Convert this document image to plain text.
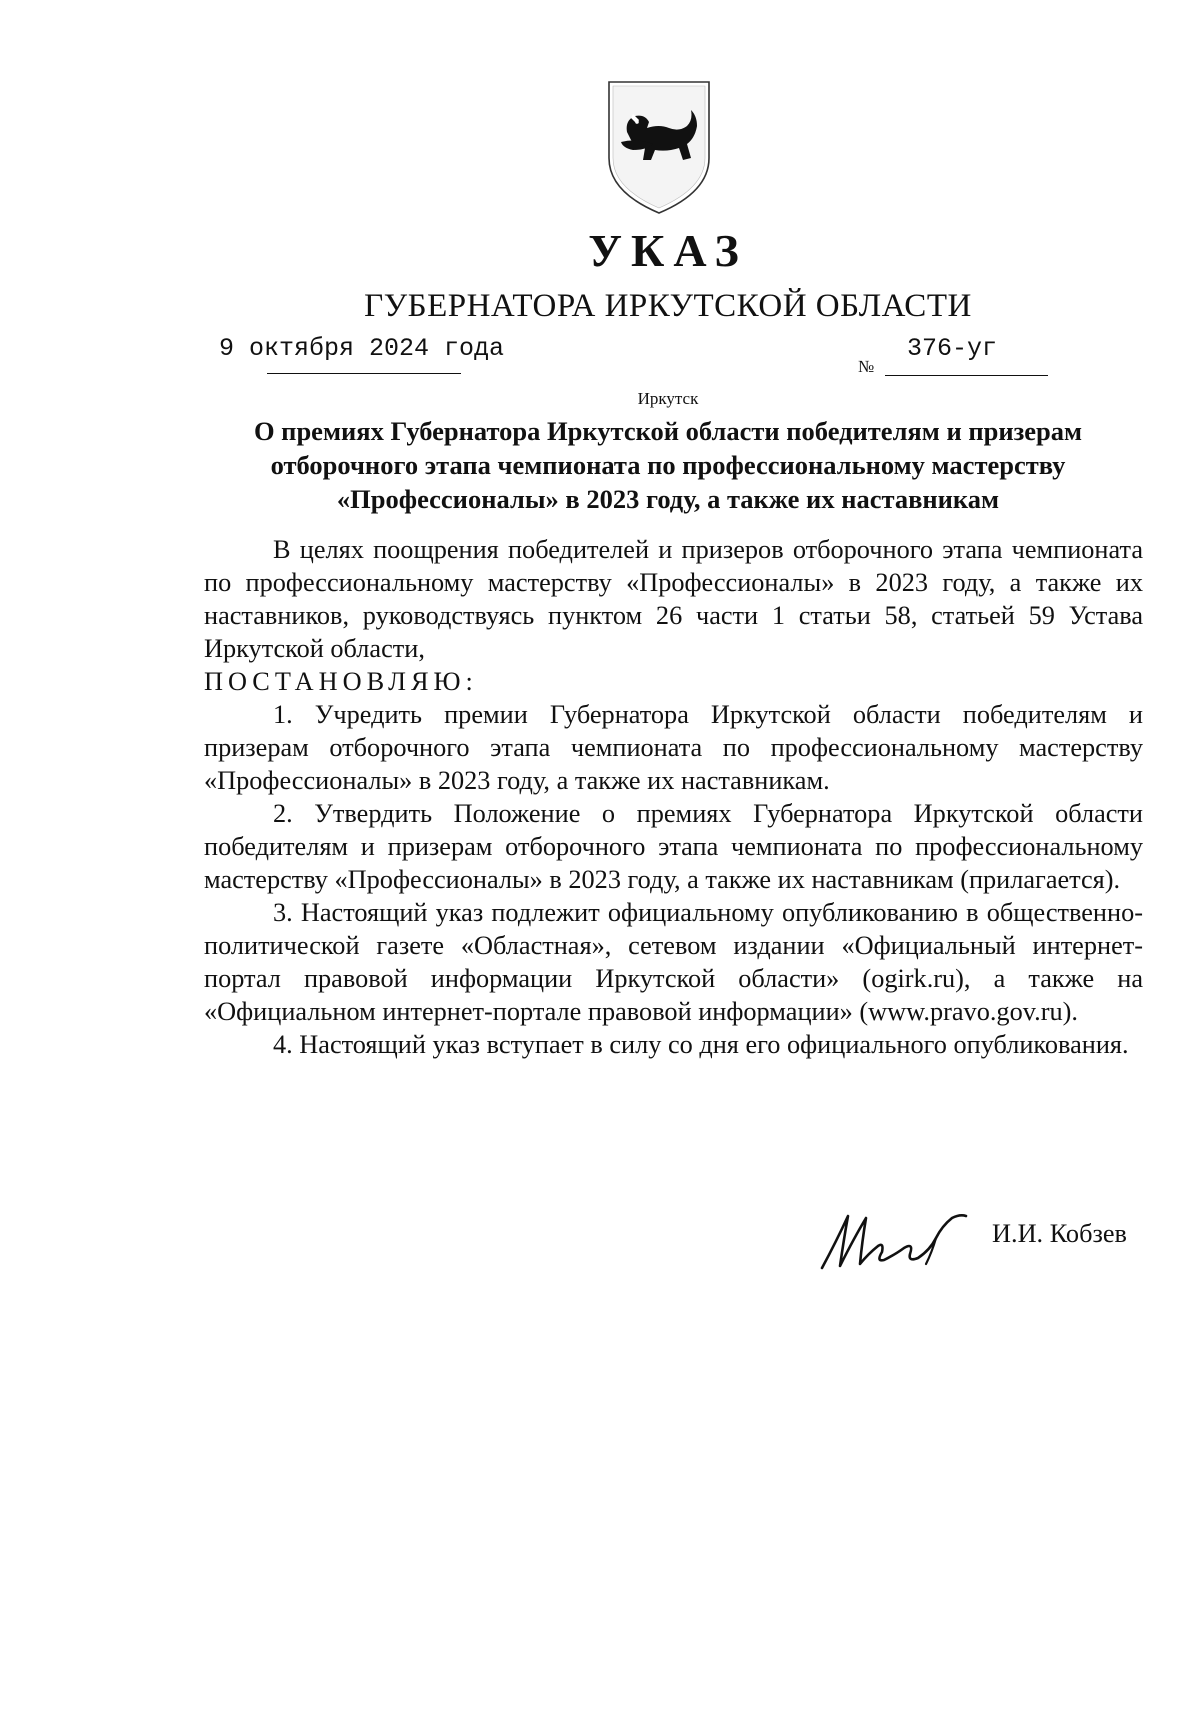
УКАЗ
ГУБЕРНАТОРА ИРКУТСКОЙ ОБЛАСТИ
9 октября 2024 года
№
376-уг
Иркутск
О премиях Губернатора Иркутской области победителям и призерам
отборочного этапа чемпионата по профессиональному мастерству
«Профессионалы» в 2023 году, а также их наставникам

В целях поощрения победителей и призеров отборочного этапа чемпионата по профессиональному мастерству «Профессионалы» в 2023 году, а также их наставников, руководствуясь пунктом 26 части 1 статьи 58, статьей 59 Устава Иркутской области,

ПОСТАНОВЛЯЮ:

1. Учредить премии Губернатора Иркутской области победителям и призерам отборочного этапа чемпионата по профессиональному мастерству «Профессионалы» в 2023 году, а также их наставникам.

2. Утвердить Положение о премиях Губернатора Иркутской области победителям и призерам отборочного этапа чемпионата по профессиональному мастерству «Профессионалы» в 2023 году, а также их наставникам (прилагается).

3. Настоящий указ подлежит официальному опубликованию в общественно-политической газете «Областная», сетевом издании «Официальный интернет-портал правовой информации Иркутской области» (ogirk.ru), а также на «Официальном интернет-портале правовой информации» (www.pravo.gov.ru).

4. Настоящий указ вступает в силу со дня его официального опубликования.

И.И. Кобзев
